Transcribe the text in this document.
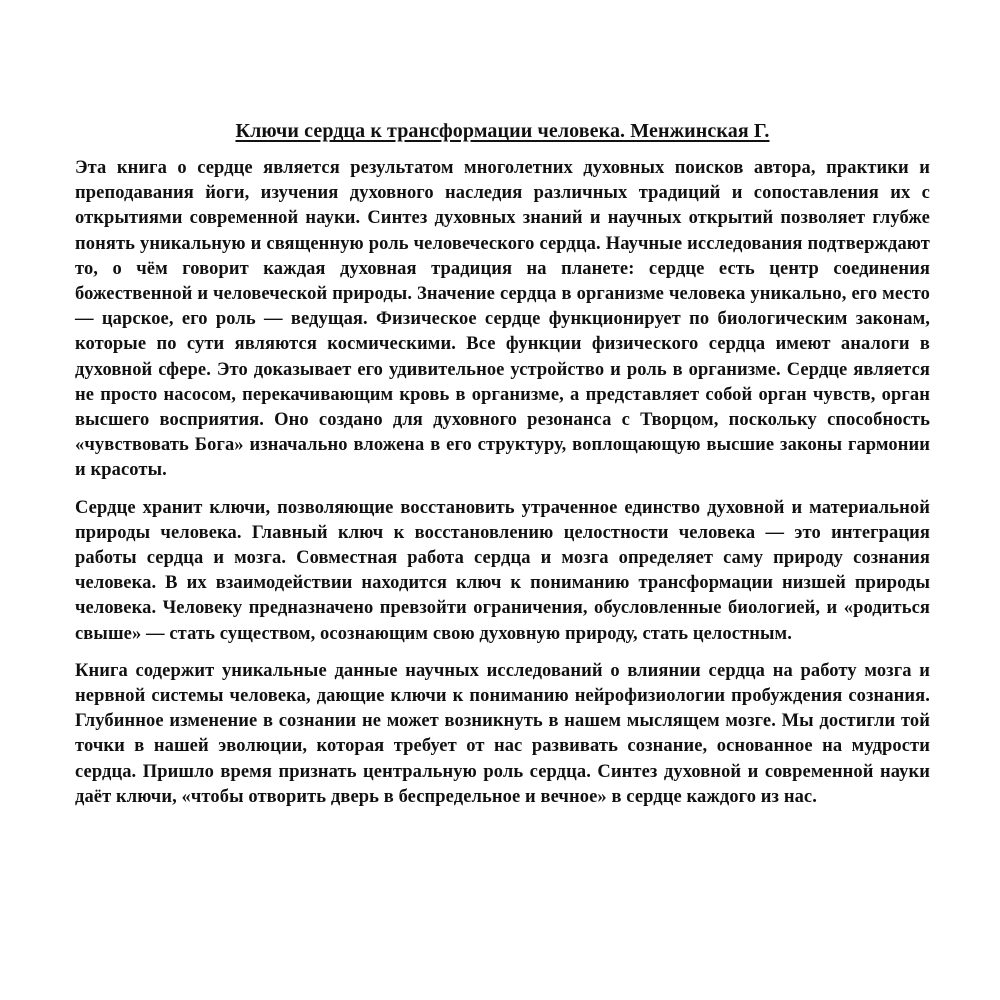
Ключи сердца к трансформации человека. Менжинская Г.

Эта книга о сердце является результатом многолетних духовных поисков автора, практики и преподавания йоги, изучения духовного наследия различных традиций и сопоставления их с открытиями современной науки. Синтез духовных знаний и научных открытий позволяет глубже понять уникальную и священную роль человеческого сердца. Научные исследования подтверждают то, о чём говорит каждая духовная традиция на планете: сердце есть центр соединения божественной и человеческой природы. Значение сердца в организме человека уникально, его место — царское, его роль — ведущая. Физическое сердце функционирует по биологическим законам, которые по сути являются космическими. Все функции физического сердца имеют аналоги в духовной сфере. Это доказывает его удивительное устройство и роль в организме. Сердце является не просто насосом, перекачивающим кровь в организме, а представляет собой орган чувств, орган высшего восприятия. Оно создано для духовного резонанса с Творцом, поскольку способность «чувствовать Бога» изначально вложена в его структуру, воплощающую высшие законы гармонии и красоты.

Сердце хранит ключи, позволяющие восстановить утраченное единство духовной и материальной природы человека. Главный ключ к восстановлению целостности человека — это интеграция работы сердца и мозга. Совместная работа сердца и мозга определяет саму природу сознания человека. В их взаимодействии находится ключ к пониманию трансформации низшей природы человека. Человеку предназначено превзойти ограничения, обусловленные биологией, и «родиться свыше» — стать существом, осознающим свою духовную природу, стать целостным.

Книга содержит уникальные данные научных исследований о влиянии сердца на работу мозга и нервной системы человека, дающие ключи к пониманию нейрофизиологии пробуждения сознания. Глубинное изменение в сознании не может возникнуть в нашем мыслящем мозге. Мы достигли той точки в нашей эволюции, которая требует от нас развивать сознание, основанное на мудрости сердца. Пришло время признать центральную роль сердца. Синтез духовной и современной науки даёт ключи, «чтобы отворить дверь в беспредельное и вечное» в сердце каждого из нас.
